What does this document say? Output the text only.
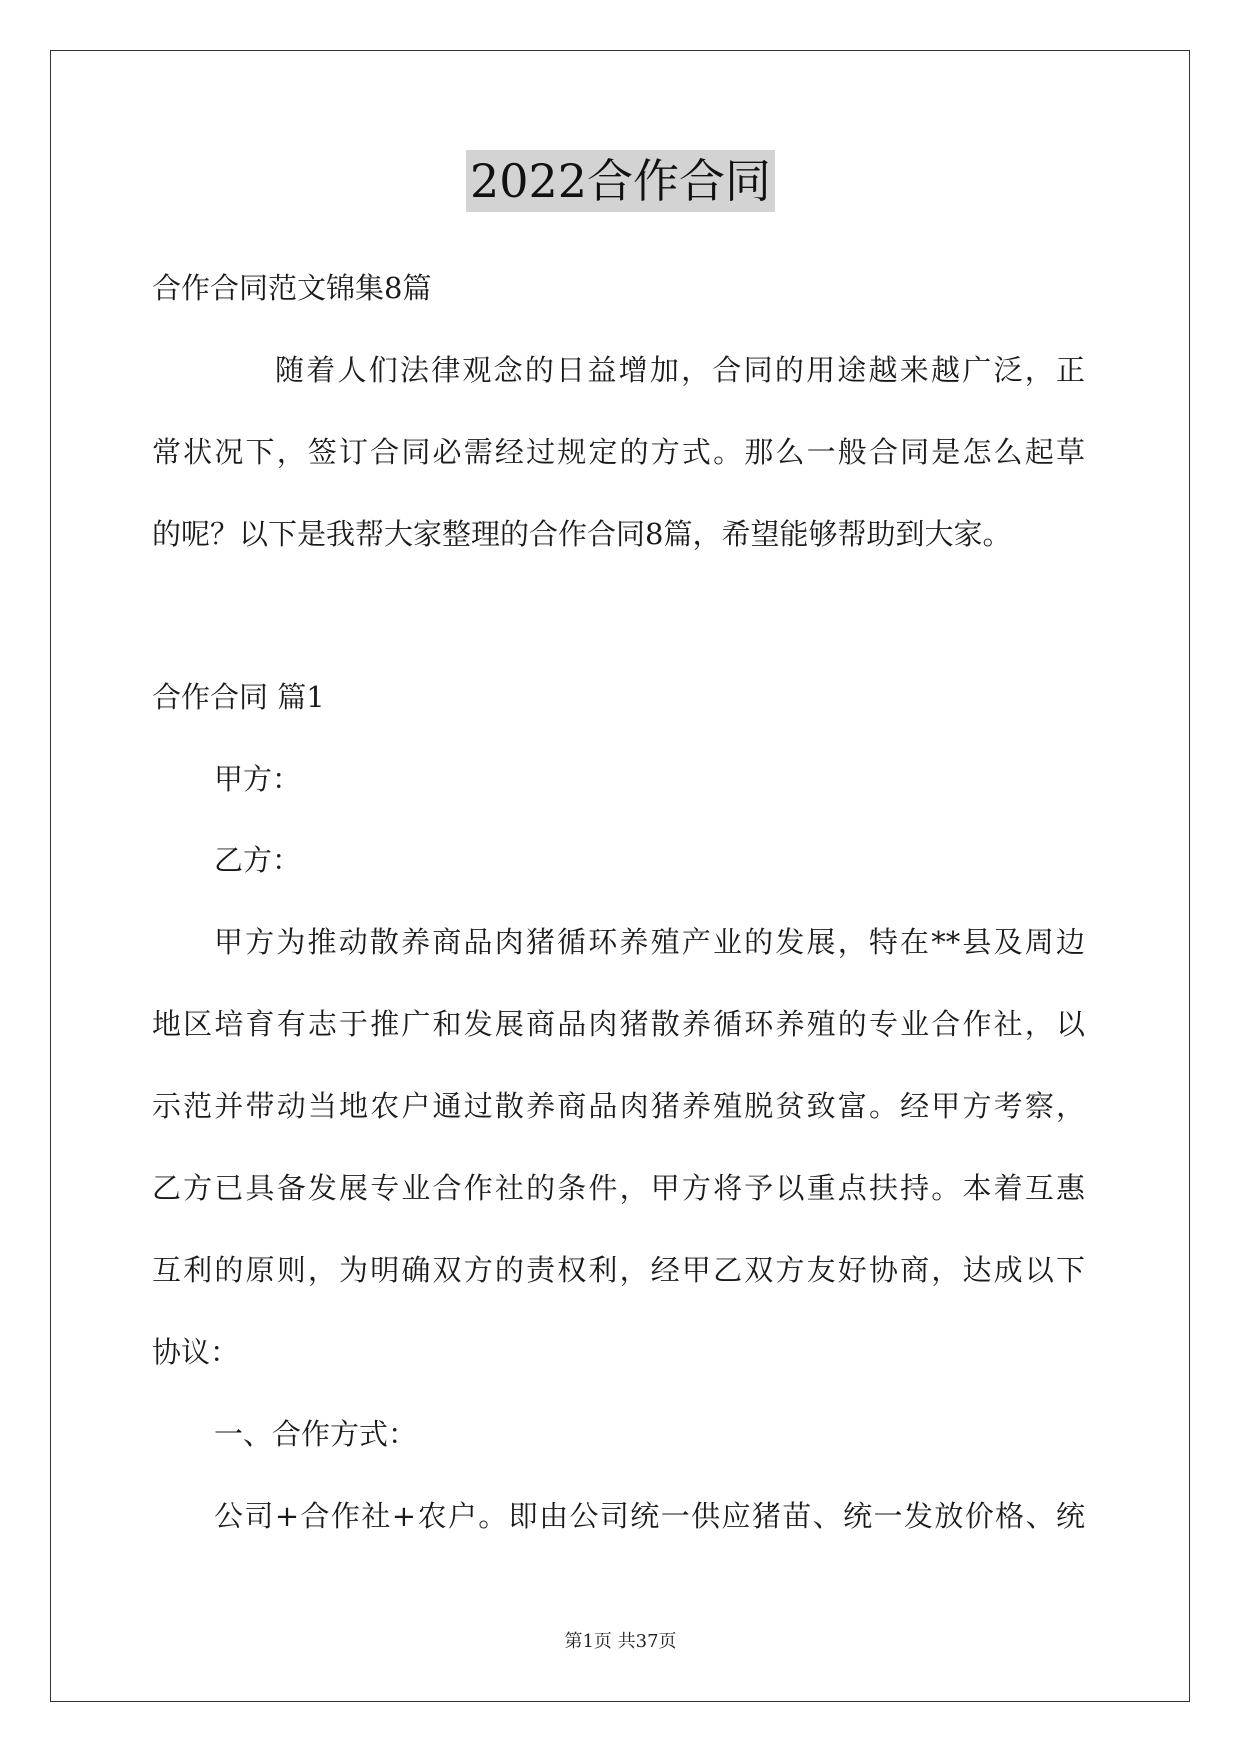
2022合作合同
合作合同范文锦集8篇
随着人们法律观念的日益增加，合同的用途越来越广泛，正
常状况下，签订合同必需经过规定的方式。那么一般合同是怎么起草
的呢？以下是我帮大家整理的合作合同8篇，希望能够帮助到大家。
合作合同 篇1
甲方：
乙方：
甲方为推动散养商品肉猪循环养殖产业的发展，特在**县及周边
地区培育有志于推广和发展商品肉猪散养循环养殖的专业合作社，以
示范并带动当地农户通过散养商品肉猪养殖脱贫致富。经甲方考察，
乙方已具备发展专业合作社的条件，甲方将予以重点扶持。本着互惠
互利的原则，为明确双方的责权利，经甲乙双方友好协商，达成以下
协议：
一、合作方式：
公司+合作社+农户。即由公司统一供应猪苗、统一发放价格、统
第1页 共37页
